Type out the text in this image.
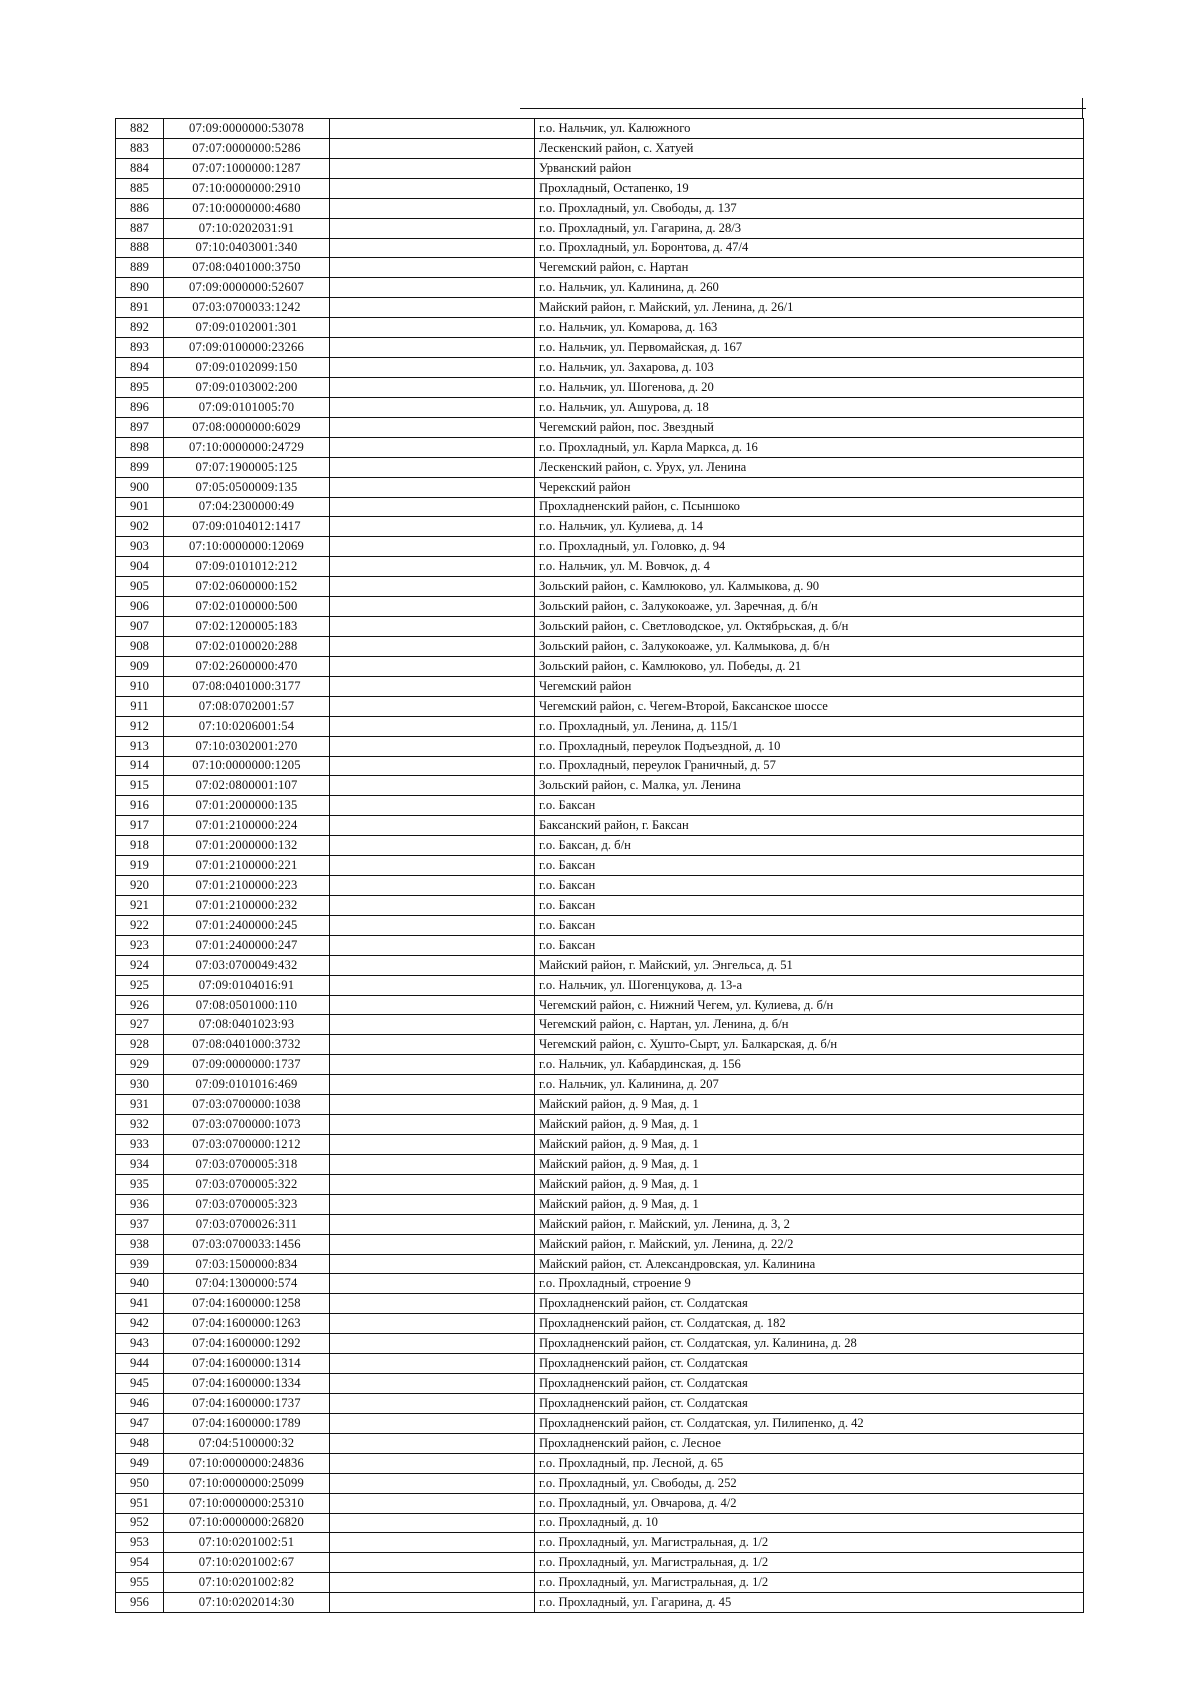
882	07:09:0000000:53078		г.о. Нальчик, ул. Калюжного
883	07:07:0000000:5286		Лескенский район, с. Хатуей
884	07:07:1000000:1287		Урванский район
885	07:10:0000000:2910		Прохладный, Остапенко, 19
886	07:10:0000000:4680		г.о. Прохладный, ул. Свободы, д. 137
887	07:10:0202031:91		г.о. Прохладный, ул. Гагарина, д. 28/3
888	07:10:0403001:340		г.о. Прохладный, ул. Боронтова, д. 47/4
889	07:08:0401000:3750		Чегемский район, с. Нартан
890	07:09:0000000:52607		г.о. Нальчик, ул. Калинина, д. 260
891	07:03:0700033:1242		Майский район, г. Майский, ул. Ленина, д. 26/1
892	07:09:0102001:301		г.о. Нальчик, ул. Комарова, д. 163
893	07:09:0100000:23266		г.о. Нальчик, ул. Первомайская, д. 167
894	07:09:0102099:150		г.о. Нальчик, ул. Захарова, д. 103
895	07:09:0103002:200		г.о. Нальчик, ул. Шогенова, д. 20
896	07:09:0101005:70		г.о. Нальчик, ул. Ашурова, д. 18
897	07:08:0000000:6029		Чегемский район, пос. Звездный
898	07:10:0000000:24729		г.о. Прохладный, ул. Карла Маркса, д. 16
899	07:07:1900005:125		Лескенский район, с. Урух, ул. Ленина
900	07:05:0500009:135		Черекский район
901	07:04:2300000:49		Прохладненский район, с. Псыншоко
902	07:09:0104012:1417		г.о. Нальчик, ул. Кулиева, д. 14
903	07:10:0000000:12069		г.о. Прохладный, ул. Головко, д. 94
904	07:09:0101012:212		г.о. Нальчик, ул. М. Вовчок, д. 4
905	07:02:0600000:152		Зольский район, с. Камлюково, ул. Калмыкова, д. 90
906	07:02:0100000:500		Зольский район, с. Залукокоаже, ул. Заречная, д. б/н
907	07:02:1200005:183		Зольский район, с. Светловодское, ул. Октябрьская, д. б/н
908	07:02:0100020:288		Зольский район, с. Залукокоаже, ул. Калмыкова, д. б/н
909	07:02:2600000:470		Зольский район, с. Камлюково, ул. Победы, д. 21
910	07:08:0401000:3177		Чегемский район
911	07:08:0702001:57		Чегемский район, с. Чегем-Второй, Баксанское шоссе
912	07:10:0206001:54		г.о. Прохладный, ул. Ленина, д. 115/1
913	07:10:0302001:270		г.о. Прохладный, переулок Подъездной, д. 10
914	07:10:0000000:1205		г.о. Прохладный, переулок Граничный, д. 57
915	07:02:0800001:107		Зольский район, с. Малка, ул. Ленина
916	07:01:2000000:135		г.о. Баксан
917	07:01:2100000:224		Баксанский район, г. Баксан
918	07:01:2000000:132		г.о. Баксан, д. б/н
919	07:01:2100000:221		г.о. Баксан
920	07:01:2100000:223		г.о. Баксан
921	07:01:2100000:232		г.о. Баксан
922	07:01:2400000:245		г.о. Баксан
923	07:01:2400000:247		г.о. Баксан
924	07:03:0700049:432		Майский район, г. Майский, ул. Энгельса, д. 51
925	07:09:0104016:91		г.о. Нальчик, ул. Шогенцукова, д. 13-а
926	07:08:0501000:110		Чегемский район, с. Нижний Чегем, ул. Кулиева, д. б/н
927	07:08:0401023:93		Чегемский район, с. Нартан, ул. Ленина, д. б/н
928	07:08:0401000:3732		Чегемский район, с. Хушто-Сырт, ул. Балкарская, д. б/н
929	07:09:0000000:1737		г.о. Нальчик, ул. Кабардинская, д. 156
930	07:09:0101016:469		г.о. Нальчик, ул. Калинина, д. 207
931	07:03:0700000:1038		Майский район, д. 9 Мая, д. 1
932	07:03:0700000:1073		Майский район, д. 9 Мая, д. 1
933	07:03:0700000:1212		Майский район, д. 9 Мая, д. 1
934	07:03:0700005:318		Майский район, д. 9 Мая, д. 1
935	07:03:0700005:322		Майский район, д. 9 Мая, д. 1
936	07:03:0700005:323		Майский район, д. 9 Мая, д. 1
937	07:03:0700026:311		Майский район, г. Майский, ул. Ленина, д. 3, 2
938	07:03:0700033:1456		Майский район, г. Майский, ул. Ленина, д. 22/2
939	07:03:1500000:834		Майский район, ст. Александровская, ул. Калинина
940	07:04:1300000:574		г.о. Прохладный, строение 9
941	07:04:1600000:1258		Прохладненский район, ст. Солдатская
942	07:04:1600000:1263		Прохладненский район, ст. Солдатская, д. 182
943	07:04:1600000:1292		Прохладненский район, ст. Солдатская, ул. Калинина, д. 28
944	07:04:1600000:1314		Прохладненский район, ст. Солдатская
945	07:04:1600000:1334		Прохладненский район, ст. Солдатская
946	07:04:1600000:1737		Прохладненский район, ст. Солдатская
947	07:04:1600000:1789		Прохладненский район, ст. Солдатская, ул. Пилипенко, д. 42
948	07:04:5100000:32		Прохладненский район, с. Лесное
949	07:10:0000000:24836		г.о. Прохладный, пр. Лесной, д. 65
950	07:10:0000000:25099		г.о. Прохладный, ул. Свободы, д. 252
951	07:10:0000000:25310		г.о. Прохладный, ул. Овчарова, д. 4/2
952	07:10:0000000:26820		г.о. Прохладный, д. 10
953	07:10:0201002:51		г.о. Прохладный, ул. Магистральная, д. 1/2
954	07:10:0201002:67		г.о. Прохладный, ул. Магистральная, д. 1/2
955	07:10:0201002:82		г.о. Прохладный, ул. Магистральная, д. 1/2
956	07:10:0202014:30		г.о. Прохладный, ул. Гагарина, д. 45
